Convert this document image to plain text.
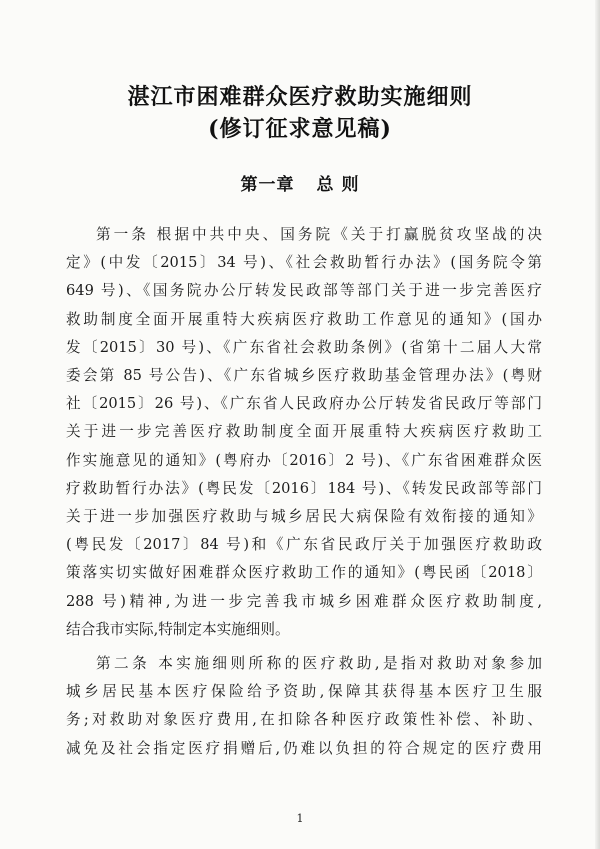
湛江市困难群众医疗救助实施细则
(修订征求意见稿)
第一章 总 则
第一条 根据中共中央、国务院《关于打赢脱贫攻坚战的决
定》(中发〔2015〕34 号)、《社会救助暂行办法》(国务院令第
649 号)、《国务院办公厅转发民政部等部门关于进一步完善医疗
救助制度全面开展重特大疾病医疗救助工作意见的通知》(国办
发〔2015〕30 号)、《广东省社会救助条例》(省第十二届人大常
委会第 85 号公告)、《广东省城乡医疗救助基金管理办法》(粤财
社〔2015〕26 号)、《广东省人民政府办公厅转发省民政厅等部门
关于进一步完善医疗救助制度全面开展重特大疾病医疗救助工
作实施意见的通知》(粤府办〔2016〕2 号)、《广东省困难群众医
疗救助暂行办法》(粤民发〔2016〕184 号)、《转发民政部等部门
关于进一步加强医疗救助与城乡居民大病保险有效衔接的通知》
(粤民发〔2017〕84 号)和《广东省民政厅关于加强医疗救助政
策落实切实做好困难群众医疗救助工作的通知》(粤民函〔2018〕
288 号)精神,为进一步完善我市城乡困难群众医疗救助制度,
结合我市实际,特制定本实施细则。
第二条 本实施细则所称的医疗救助,是指对救助对象参加
城乡居民基本医疗保险给予资助,保障其获得基本医疗卫生服
务;对救助对象医疗费用,在扣除各种医疗政策性补偿、补助、
减免及社会指定医疗捐赠后,仍难以负担的符合规定的医疗费用
1
